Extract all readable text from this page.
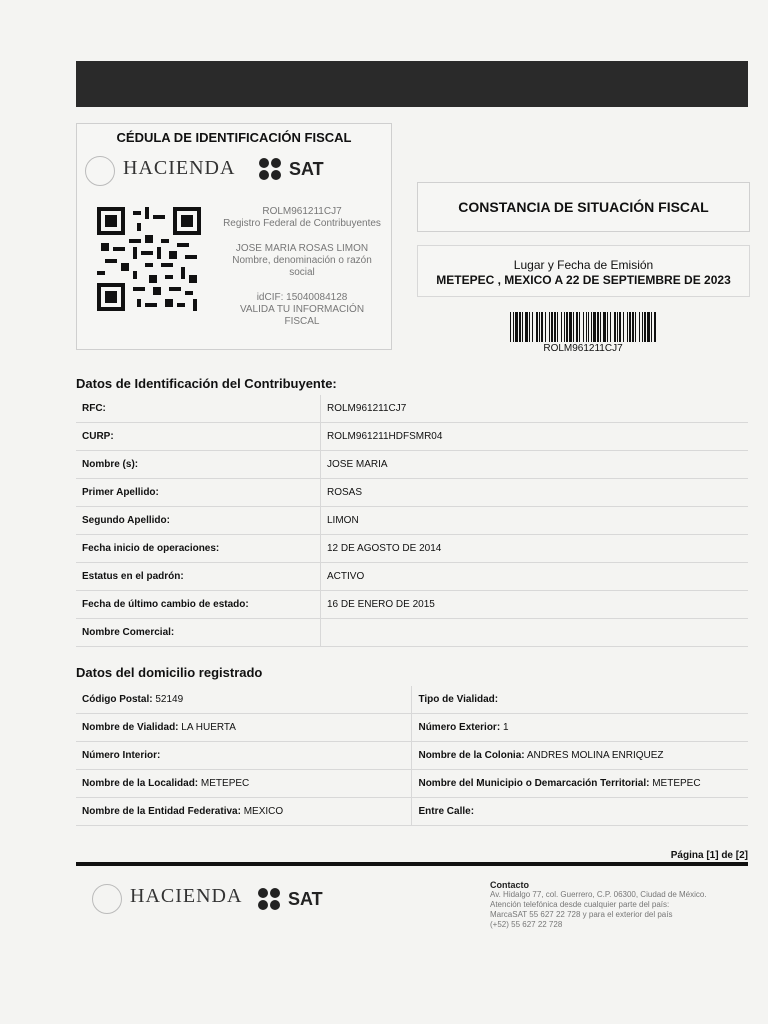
CÉDULA DE IDENTIFICACIÓN FISCAL
HACIENDA	SAT
ROLM961211CJ7
Registro Federal de Contribuyentes
JOSE MARIA ROSAS LIMON
Nombre, denominación o razón
social
idCIF: 15040084128
VALIDA TU INFORMACIÓN
FISCAL
CONSTANCIA DE SITUACIÓN FISCAL
Lugar y Fecha de Emisión
METEPEC , MEXICO A 22 DE SEPTIEMBRE DE 2023
ROLM961211CJ7
Datos de Identificación del Contribuyente:
RFC:	ROLM961211CJ7
CURP:	ROLM961211HDFSMR04
Nombre (s):	JOSE MARIA
Primer Apellido:	ROSAS
Segundo Apellido:	LIMON
Fecha inicio de operaciones:	12 DE AGOSTO DE 2014
Estatus en el padrón:	ACTIVO
Fecha de último cambio de estado:	16 DE ENERO DE 2015
Nombre Comercial:	
Datos del domicilio registrado
Código Postal: 52149	Tipo de Vialidad:
Nombre de Vialidad: LA HUERTA	Número Exterior: 1
Número Interior:	Nombre de la Colonia: ANDRES MOLINA ENRIQUEZ
Nombre de la Localidad: METEPEC	Nombre del Municipio o Demarcación Territorial: METEPEC
Nombre de la Entidad Federativa: MEXICO	Entre Calle:
Página [1] de [2]
HACIENDA	SAT
Contacto
Av. Hidalgo 77, col. Guerrero, C.P. 06300, Ciudad de México.
Atención telefónica desde cualquier parte del país:
MarcaSAT 55 627 22 728 y para el exterior del país
(+52) 55 627 22 728
